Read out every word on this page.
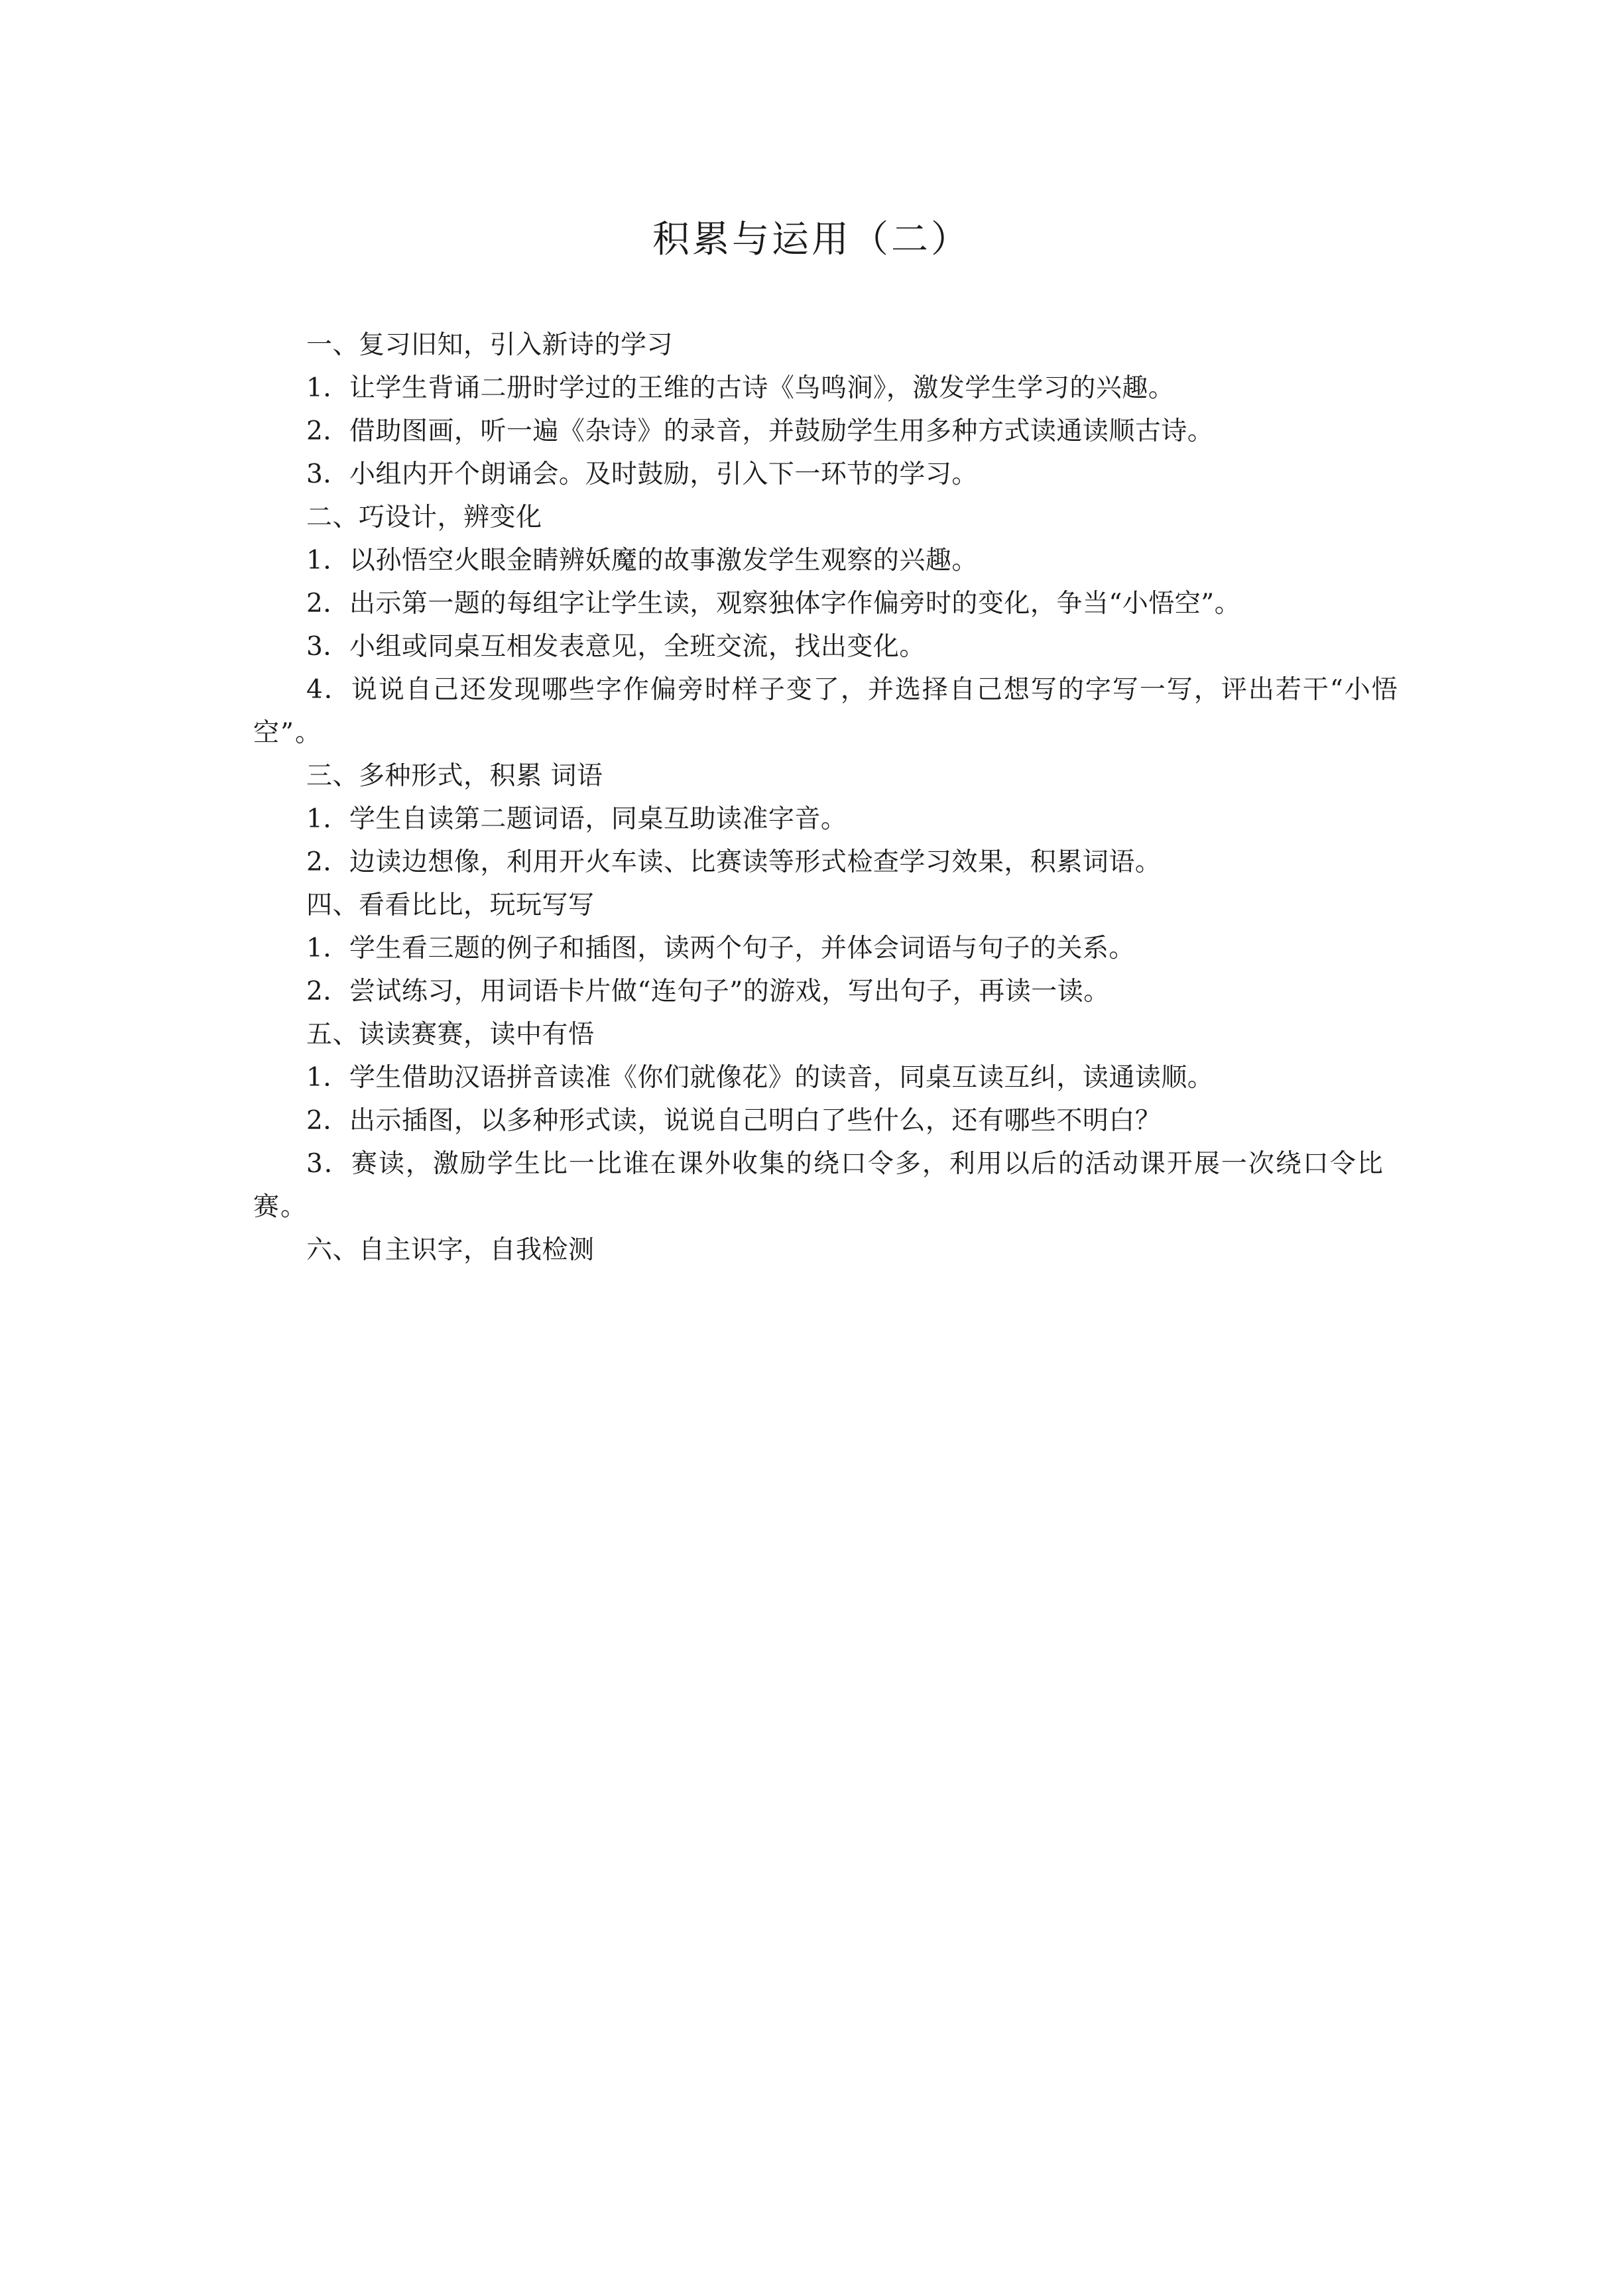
积累与运用（二）

一、复习旧知，引入新诗的学习

1．让学生背诵二册时学过的王维的古诗《鸟鸣涧》，激发学生学习的兴趣。

2．借助图画，听一遍《杂诗》的录音，并鼓励学生用多种方式读通读顺古诗。

3．小组内开个朗诵会。及时鼓励，引入下一环节的学习。

二、巧设计，辨变化

1．以孙悟空火眼金睛辨妖魔的故事激发学生观察的兴趣。

2．出示第一题的每组字让学生读，观察独体字作偏旁时的变化，争当“小悟空”。

3．小组或同桌互相发表意见，全班交流，找出变化。

4．说说自己还发现哪些字作偏旁时样子变了，并选择自己想写的字写一写，评出若干“小悟空”。

三、多种形式，积累 词语

1．学生自读第二题词语，同桌互助读准字音。

2．边读边想像，利用开火车读、比赛读等形式检查学习效果，积累词语。

四、看看比比，玩玩写写

1．学生看三题的例子和插图，读两个句子，并体会词语与句子的关系。

2．尝试练习，用词语卡片做“连句子”的游戏，写出句子，再读一读。

五、读读赛赛，读中有悟

1．学生借助汉语拼音读准《你们就像花》的读音，同桌互读互纠，读通读顺。

2．出示插图，以多种形式读，说说自己明白了些什么，还有哪些不明白？

3．赛读，激励学生比一比谁在课外收集的绕口令多，利用以后的活动课开展一次绕口令比赛。

六、自主识字，自我检测
